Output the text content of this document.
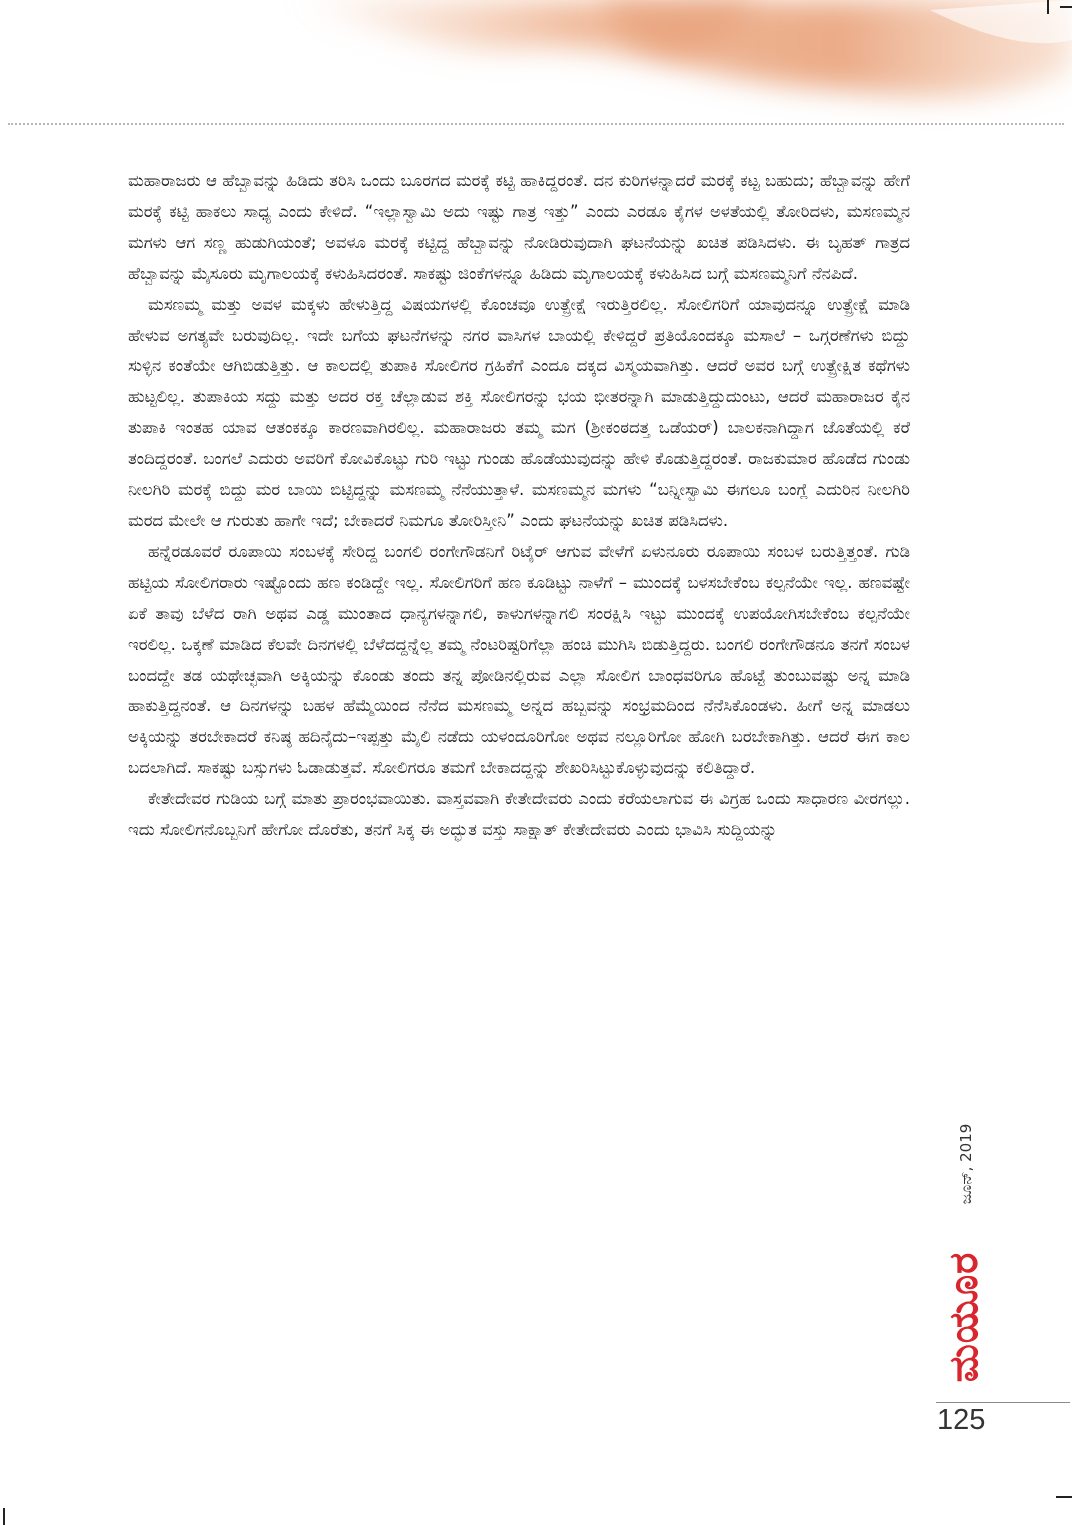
ಮಹಾರಾಜರು ಆ ಹೆಬ್ಬಾವನ್ನು ಹಿಡಿದು ತರಿಸಿ ಒಂದು ಬೂರಗದ ಮರಕ್ಕೆ ಕಟ್ಟಿ ಹಾಕಿದ್ದರಂತೆ. ದನ ಕುರಿಗಳನ್ನಾದರೆ ಮರಕ್ಕೆ ಕಟ್ಟ ಬಹುದು; ಹೆಬ್ಬಾವನ್ನು ಹೇಗೆ ಮರಕ್ಕೆ ಕಟ್ಟಿ ಹಾಕಲು ಸಾಧ್ಯ ಎಂದು ಕೇಳಿದೆ. “ಇಲ್ಲಾಸ್ವಾಮಿ ಅದು ಇಷ್ಟು ಗಾತ್ರ ಇತ್ತು” ಎಂದು ಎರಡೂ ಕೈಗಳ ಅಳತೆಯಲ್ಲಿ ತೋರಿದಳು, ಮಸಣಮ್ಮನ ಮಗಳು ಆಗ ಸಣ್ಣ ಹುಡುಗಿಯಂತೆ; ಅವಳೂ ಮರಕ್ಕೆ ಕಟ್ಟಿದ್ದ ಹೆಬ್ಬಾವನ್ನು ನೋಡಿರುವುದಾಗಿ ಘಟನೆಯನ್ನು ಖಚಿತ ಪಡಿಸಿದಳು. ಈ ಬೃಹತ್ ಗಾತ್ರದ ಹೆಬ್ಬಾವನ್ನು ಮೈಸೂರು ಮೃಗಾಲಯಕ್ಕೆ ಕಳುಹಿಸಿದರಂತೆ. ಸಾಕಷ್ಟು ಜಿಂಕೆಗಳನ್ನೂ ಹಿಡಿದು ಮೃಗಾಲಯಕ್ಕೆ ಕಳುಹಿಸಿದ ಬಗ್ಗೆ ಮಸಣಮ್ಮನಿಗೆ ನೆನಪಿದೆ.

ಮಸಣಮ್ಮ ಮತ್ತು ಅವಳ ಮಕ್ಕಳು ಹೇಳುತ್ತಿದ್ದ ವಿಷಯಗಳಲ್ಲಿ ಕೊಂಚವೂ ಉತ್ಪ್ರೇಕ್ಷೆ ಇರುತ್ತಿರಲಿಲ್ಲ. ಸೋಲಿಗರಿಗೆ ಯಾವುದನ್ನೂ ಉತ್ಪ್ರೇಕ್ಷೆ ಮಾಡಿ ಹೇಳುವ ಅಗತ್ಯವೇ ಬರುವುದಿಲ್ಲ. ಇದೇ ಬಗೆಯ ಘಟನೆಗಳನ್ನು ನಗರ ವಾಸಿಗಳ ಬಾಯಲ್ಲಿ ಕೇಳಿದ್ದರೆ ಪ್ರತಿಯೊಂದಕ್ಕೂ ಮಸಾಲೆ – ಒಗ್ಗರಣೆಗಳು ಬಿದ್ದು ಸುಳ್ಳಿನ ಕಂತೆಯೇ ಆಗಿಬಿಡುತ್ತಿತ್ತು. ಆ ಕಾಲದಲ್ಲಿ ತುಪಾಕಿ ಸೋಲಿಗರ ಗ್ರಹಿಕೆಗೆ ಎಂದೂ ದಕ್ಕದ ವಿಸ್ಮಯವಾಗಿತ್ತು. ಆದರೆ ಅವರ ಬಗ್ಗೆ ಉತ್ಪ್ರೇಕ್ಷಿತ ಕಥೆಗಳು ಹುಟ್ಟಲಿಲ್ಲ. ತುಪಾಕಿಯ ಸದ್ದು ಮತ್ತು ಅದರ ರಕ್ತ ಚೆಲ್ಲಾಡುವ ಶಕ್ತಿ ಸೋಲಿಗರನ್ನು ಭಯ ಭೀತರನ್ನಾಗಿ ಮಾಡುತ್ತಿದ್ದುದುಂಟು, ಆದರೆ ಮಹಾರಾಜರ ಕೈನ ತುಪಾಕಿ ಇಂತಹ ಯಾವ ಆತಂಕಕ್ಕೂ ಕಾರಣವಾಗಿರಲಿಲ್ಲ. ಮಹಾರಾಜರು ತಮ್ಮ ಮಗ (ಶ್ರೀಕಂಠದತ್ತ ಒಡೆಯರ್) ಬಾಲಕನಾಗಿದ್ದಾಗ ಜೊತೆಯಲ್ಲಿ ಕರೆ ತಂದಿದ್ದರಂತೆ. ಬಂಗಲೆ ಎದುರು ಅವರಿಗೆ ಕೋವಿಕೊಟ್ಟು ಗುರಿ ಇಟ್ಟು ಗುಂಡು ಹೊಡೆಯುವುದನ್ನು ಹೇಳಿ ಕೊಡುತ್ತಿದ್ದರಂತೆ. ರಾಜಕುಮಾರ ಹೊಡೆದ ಗುಂಡು ನೀಲಗಿರಿ ಮರಕ್ಕೆ ಬಿದ್ದು ಮರ ಬಾಯಿ ಬಿಟ್ಟಿದ್ದನ್ನು ಮಸಣಮ್ಮ ನೆನೆಯುತ್ತಾಳೆ. ಮಸಣಮ್ಮನ ಮಗಳು “ಬನ್ನೀಸ್ವಾಮಿ ಈಗಲೂ ಬಂಗ್ಲೆ ಎದುರಿನ ನೀಲಗಿರಿ ಮರದ ಮೇಲೇ ಆ ಗುರುತು ಹಾಗೇ ಇದೆ; ಬೇಕಾದರೆ ನಿಮಗೂ ತೋರಿಸ್ತೀನಿ” ಎಂದು ಘಟನೆಯನ್ನು ಖಚಿತ ಪಡಿಸಿದಳು.

ಹನ್ನೆರಡೂವರೆ ರೂಪಾಯಿ ಸಂಬಳಕ್ಕೆ ಸೇರಿದ್ದ ಬಂಗಲಿ ರಂಗೇಗೌಡನಿಗೆ ರಿಟೈರ್ ಆಗುವ ವೇಳೆಗೆ ಏಳುನೂರು ರೂಪಾಯಿ ಸಂಬಳ ಬರುತ್ತಿತ್ತಂತೆ. ಗುಡಿ ಹಟ್ಟಿಯ ಸೋಲಿಗರಾರು ಇಷ್ಟೊಂದು ಹಣ ಕಂಡಿದ್ದೇ ಇಲ್ಲ. ಸೋಲಿಗರಿಗೆ ಹಣ ಕೂಡಿಟ್ಟು ನಾಳೆಗೆ – ಮುಂದಕ್ಕೆ ಬಳಸಬೇಕೆಂಬ ಕಲ್ಪನೆಯೇ ಇಲ್ಲ. ಹಣವಷ್ಟೇ ಏಕೆ ತಾವು ಬೆಳೆದ ರಾಗಿ ಅಥವ ಎಡ್ಡ ಮುಂತಾದ ಧಾನ್ಯಗಳನ್ನಾಗಲಿ, ಕಾಳುಗಳನ್ನಾಗಲಿ ಸಂರಕ್ಷಿಸಿ ಇಟ್ಟು ಮುಂದಕ್ಕೆ ಉಪಯೋಗಿಸಬೇಕೆಂಬ ಕಲ್ಪನೆಯೇ ಇರಲಿಲ್ಲ. ಒಕ್ಕಣೆ ಮಾಡಿದ ಕೆಲವೇ ದಿನಗಳಲ್ಲಿ ಬೆಳೆದದ್ದನ್ನೆಲ್ಲ ತಮ್ಮ ನೆಂಟರಿಷ್ಟರಿಗೆಲ್ಲಾ ಹಂಚಿ ಮುಗಿಸಿ ಬಿಡುತ್ತಿದ್ದರು. ಬಂಗಲಿ ರಂಗೇಗೌಡನೂ ತನಗೆ ಸಂಬಳ ಬಂದದ್ದೇ ತಡ ಯಥೇಚ್ಛವಾಗಿ ಅಕ್ಕಿಯನ್ನು ಕೊಂಡು ತಂದು ತನ್ನ ಪೋಡಿನಲ್ಲಿರುವ ಎಲ್ಲಾ ಸೋಲಿಗ ಬಾಂಧವರಿಗೂ ಹೊಟ್ಟೆ ತುಂಬುವಷ್ಟು ಅನ್ನ ಮಾಡಿ ಹಾಕುತ್ತಿದ್ದನಂತೆ. ಆ ದಿನಗಳನ್ನು ಬಹಳ ಹೆಮ್ಮೆಯಿಂದ ನೆನೆದ ಮಸಣಮ್ಮ ಅನ್ನದ ಹಬ್ಬವನ್ನು ಸಂಭ್ರಮದಿಂದ ನೆನೆಸಿಕೊಂಡಳು. ಹೀಗೆ ಅನ್ನ ಮಾಡಲು ಅಕ್ಕಿಯನ್ನು ತರಬೇಕಾದರೆ ಕನಿಷ್ಠ ಹದಿನೈದು–ಇಪ್ಪತ್ತು ಮೈಲಿ ನಡೆದು ಯಳಂದೂರಿಗೋ ಅಥವ ನಲ್ಲೂರಿಗೋ ಹೋಗಿ ಬರಬೇಕಾಗಿತ್ತು. ಆದರೆ ಈಗ ಕಾಲ ಬದಲಾಗಿದೆ. ಸಾಕಷ್ಟು ಬಸ್ಸುಗಳು ಓಡಾಡುತ್ತವೆ. ಸೋಲಿಗರೂ ತಮಗೆ ಬೇಕಾದದ್ದನ್ನು ಶೇಖರಿಸಿಟ್ಟುಕೊಳ್ಳುವುದನ್ನು ಕಲಿತಿದ್ದಾರೆ.

ಕೇತೇದೇವರ ಗುಡಿಯ ಬಗ್ಗೆ ಮಾತು ಪ್ರಾರಂಭವಾಯಿತು. ವಾಸ್ತವವಾಗಿ ಕೇತೇದೇವರು ಎಂದು ಕರೆಯಲಾಗುವ ಈ ವಿಗ್ರಹ ಒಂದು ಸಾಧಾರಣ ವೀರಗಲ್ಲು. ಇದು ಸೋಲಿಗನೊಬ್ಬನಿಗೆ ಹೇಗೋ ದೊರೆತು, ತನಗೆ ಸಿಕ್ಕ ಈ ಅದ್ಭುತ ವಸ್ತು ಸಾಕ್ಷಾತ್ ಕೇತೇದೇವರು ಎಂದು ಭಾವಿಸಿ ಸುದ್ದಿಯನ್ನು

ಜೂನ್, 2019
ಮಯೂರ
125
